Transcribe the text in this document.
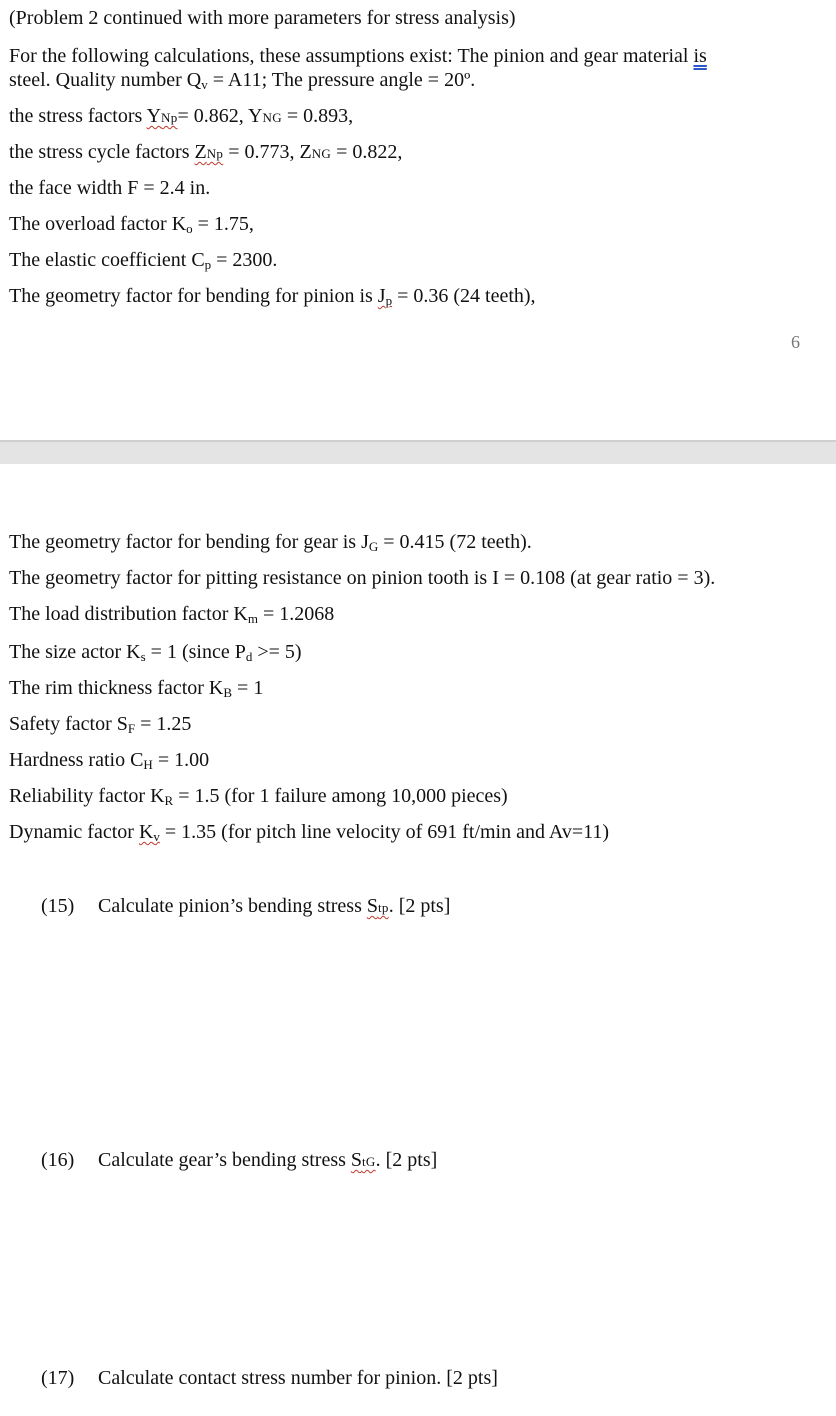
(Problem 2 continued with more parameters for stress analysis)
For the following calculations, these assumptions exist: The pinion and gear material is
steel. Quality number Qv = A11; The pressure angle = 20º.
the stress factors YNp= 0.862, YNG = 0.893,
the stress cycle factors ZNp = 0.773, ZNG = 0.822,
the face width F = 2.4 in.
The overload factor Ko = 1.75,
The elastic coefficient Cp = 2300.
The geometry factor for bending for pinion is Jp = 0.36 (24 teeth),
6
The geometry factor for bending for gear is JG = 0.415 (72 teeth).
The geometry factor for pitting resistance on pinion tooth is I = 0.108 (at gear ratio = 3).
The load distribution factor Km = 1.2068
The size actor Ks = 1 (since Pd >= 5)
The rim thickness factor KB = 1
Safety factor SF = 1.25
Hardness ratio CH = 1.00
Reliability factor KR = 1.5 (for 1 failure among 10,000 pieces)
Dynamic factor Kv = 1.35 (for pitch line velocity of 691 ft/min and Av=11)
(15) Calculate pinion’s bending stress Stp. [2 pts]
(16) Calculate gear’s bending stress StG. [2 pts]
(17) Calculate contact stress number for pinion. [2 pts]
